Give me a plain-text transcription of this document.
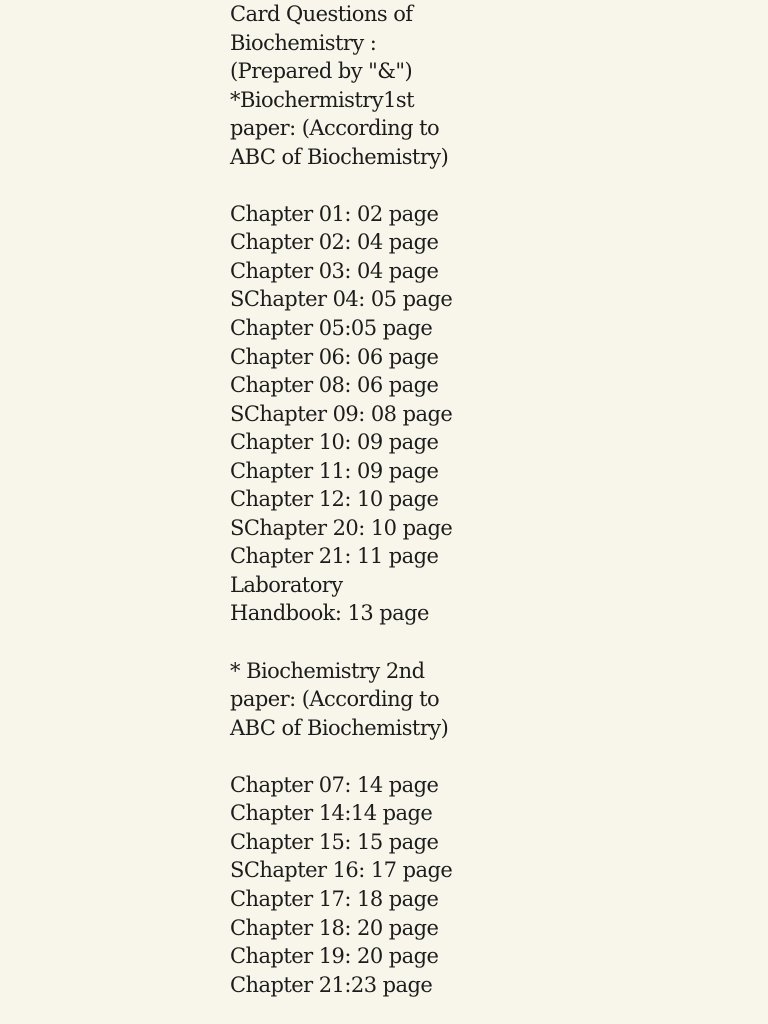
Card Questions of
Biochemistry :
(Prepared by "&")
*Biochermistry1st
paper: (According to
ABC of Biochemistry)
Chapter 01: 02 page
Chapter 02: 04 page
Chapter 03: 04 page
SChapter 04: 05 page
Chapter 05:05 page
Chapter 06: 06 page
Chapter 08: 06 page
SChapter 09: 08 page
Chapter 10: 09 page
Chapter 11: 09 page
Chapter 12: 10 page
SChapter 20: 10 page
Chapter 21: 11 page
Laboratory
Handbook: 13 page
* Biochemistry 2nd
paper: (According to
ABC of Biochemistry)
Chapter 07: 14 page
Chapter 14:14 page
Chapter 15: 15 page
SChapter 16: 17 page
Chapter 17: 18 page
Chapter 18: 20 page
Chapter 19: 20 page
Chapter 21:23 page
